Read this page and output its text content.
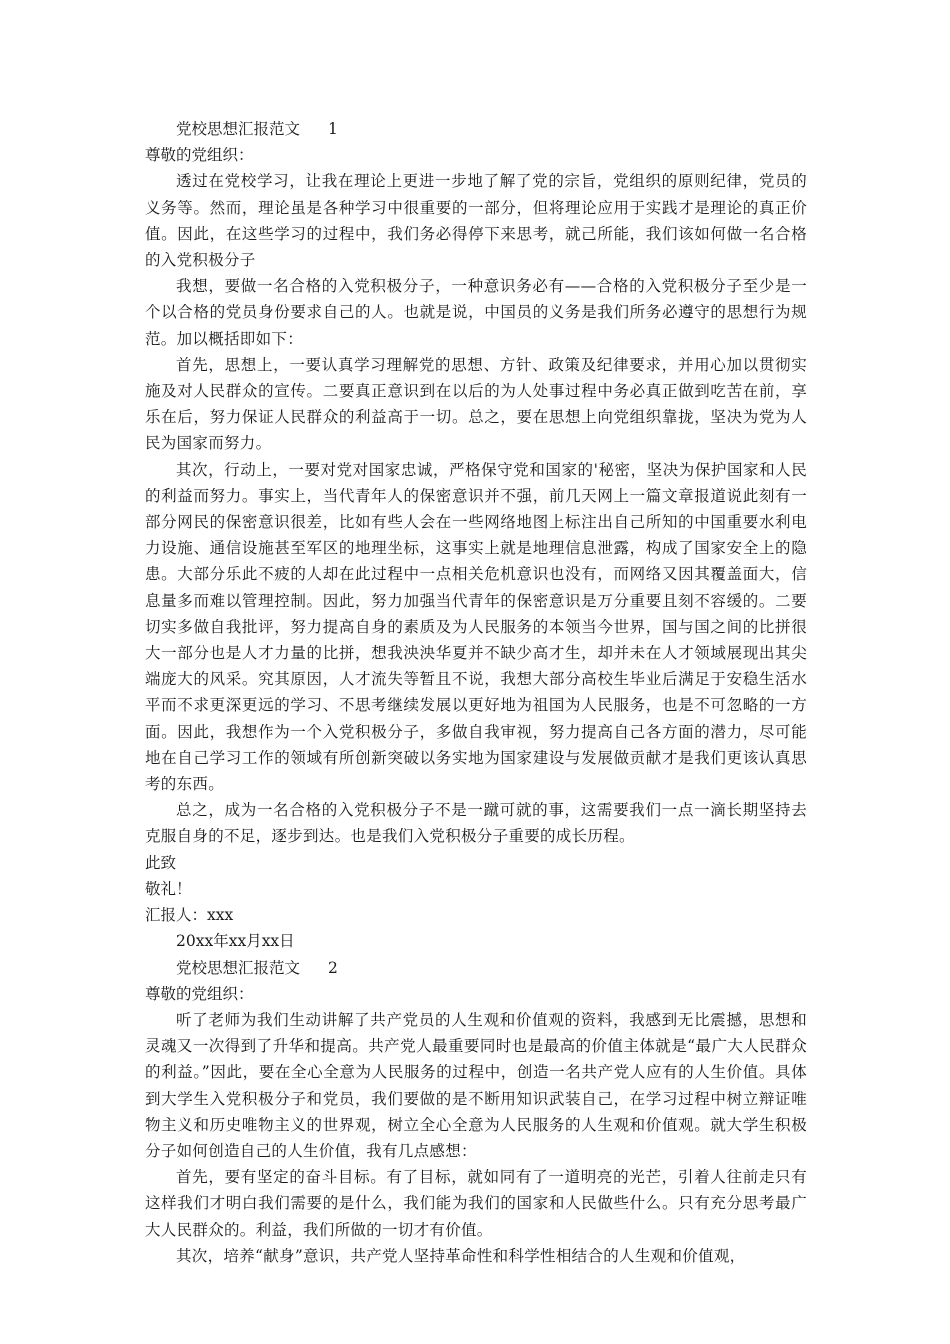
党校思想汇报范文 1

尊敬的党组织：

透过在党校学习，让我在理论上更进一步地了解了党的宗旨，党组织的原则纪律，党员的义务等。然而，理论虽是各种学习中很重要的一部分，但将理论应用于实践才是理论的真正价值。因此，在这些学习的过程中，我们务必得停下来思考，就己所能，我们该如何做一名合格的入党积极分子

我想，要做一名合格的入党积极分子，一种意识务必有——合格的入党积极分子至少是一个以合格的党员身份要求自己的人。也就是说，中国员的义务是我们所务必遵守的思想行为规范。加以概括即如下：

首先，思想上，一要认真学习理解党的思想、方针、政策及纪律要求，并用心加以贯彻实施及对人民群众的宣传。二要真正意识到在以后的为人处事过程中务必真正做到吃苦在前，享乐在后，努力保证人民群众的利益高于一切。总之，要在思想上向党组织靠拢，坚决为党为人民为国家而努力。

其次，行动上，一要对党对国家忠诚，严格保守党和国家的'秘密，坚决为保护国家和人民的利益而努力。事实上，当代青年人的保密意识并不强，前几天网上一篇文章报道说此刻有一部分网民的保密意识很差，比如有些人会在一些网络地图上标注出自己所知的中国重要水利电力设施、通信设施甚至军区的地理坐标，这事实上就是地理信息泄露，构成了国家安全上的隐患。大部分乐此不疲的人却在此过程中一点相关危机意识也没有，而网络又因其覆盖面大，信息量多而难以管理控制。因此，努力加强当代青年的保密意识是万分重要且刻不容缓的。二要切实多做自我批评，努力提高自身的素质及为人民服务的本领当今世界，国与国之间的比拼很大一部分也是人才力量的比拼，想我泱泱华夏并不缺少高才生，却并未在人才领域展现出其尖端庞大的风采。究其原因，人才流失等暂且不说，我想大部分高校生毕业后满足于安稳生活水平而不求更深更远的学习、不思考继续发展以更好地为祖国为人民服务，也是不可忽略的一方面。因此，我想作为一个入党积极分子，多做自我审视，努力提高自己各方面的潜力，尽可能地在自己学习工作的领域有所创新突破以务实地为国家建设与发展做贡献才是我们更该认真思考的东西。

总之，成为一名合格的入党积极分子不是一蹴可就的事，这需要我们一点一滴长期坚持去克服自身的不足，逐步到达。也是我们入党积极分子重要的成长历程。

此致

敬礼！

汇报人：xxx

20xx年xx月xx日

党校思想汇报范文 2

尊敬的党组织：

听了老师为我们生动讲解了共产党员的人生观和价值观的资料，我感到无比震撼，思想和灵魂又一次得到了升华和提高。共产党人最重要同时也是最高的价值主体就是“最广大人民群众的利益。”因此，要在全心全意为人民服务的过程中，创造一名共产党人应有的人生价值。具体到大学生入党积极分子和党员，我们要做的是不断用知识武装自己，在学习过程中树立辩证唯物主义和历史唯物主义的世界观，树立全心全意为人民服务的人生观和价值观。就大学生积极分子如何创造自己的人生价值，我有几点感想：

首先，要有坚定的奋斗目标。有了目标，就如同有了一道明亮的光芒，引着人往前走只有这样我们才明白我们需要的是什么，我们能为我们的国家和人民做些什么。只有充分思考最广大人民群众的。利益，我们所做的一切才有价值。

其次，培养“献身”意识，共产党人坚持革命性和科学性相结合的人生观和价值观，
